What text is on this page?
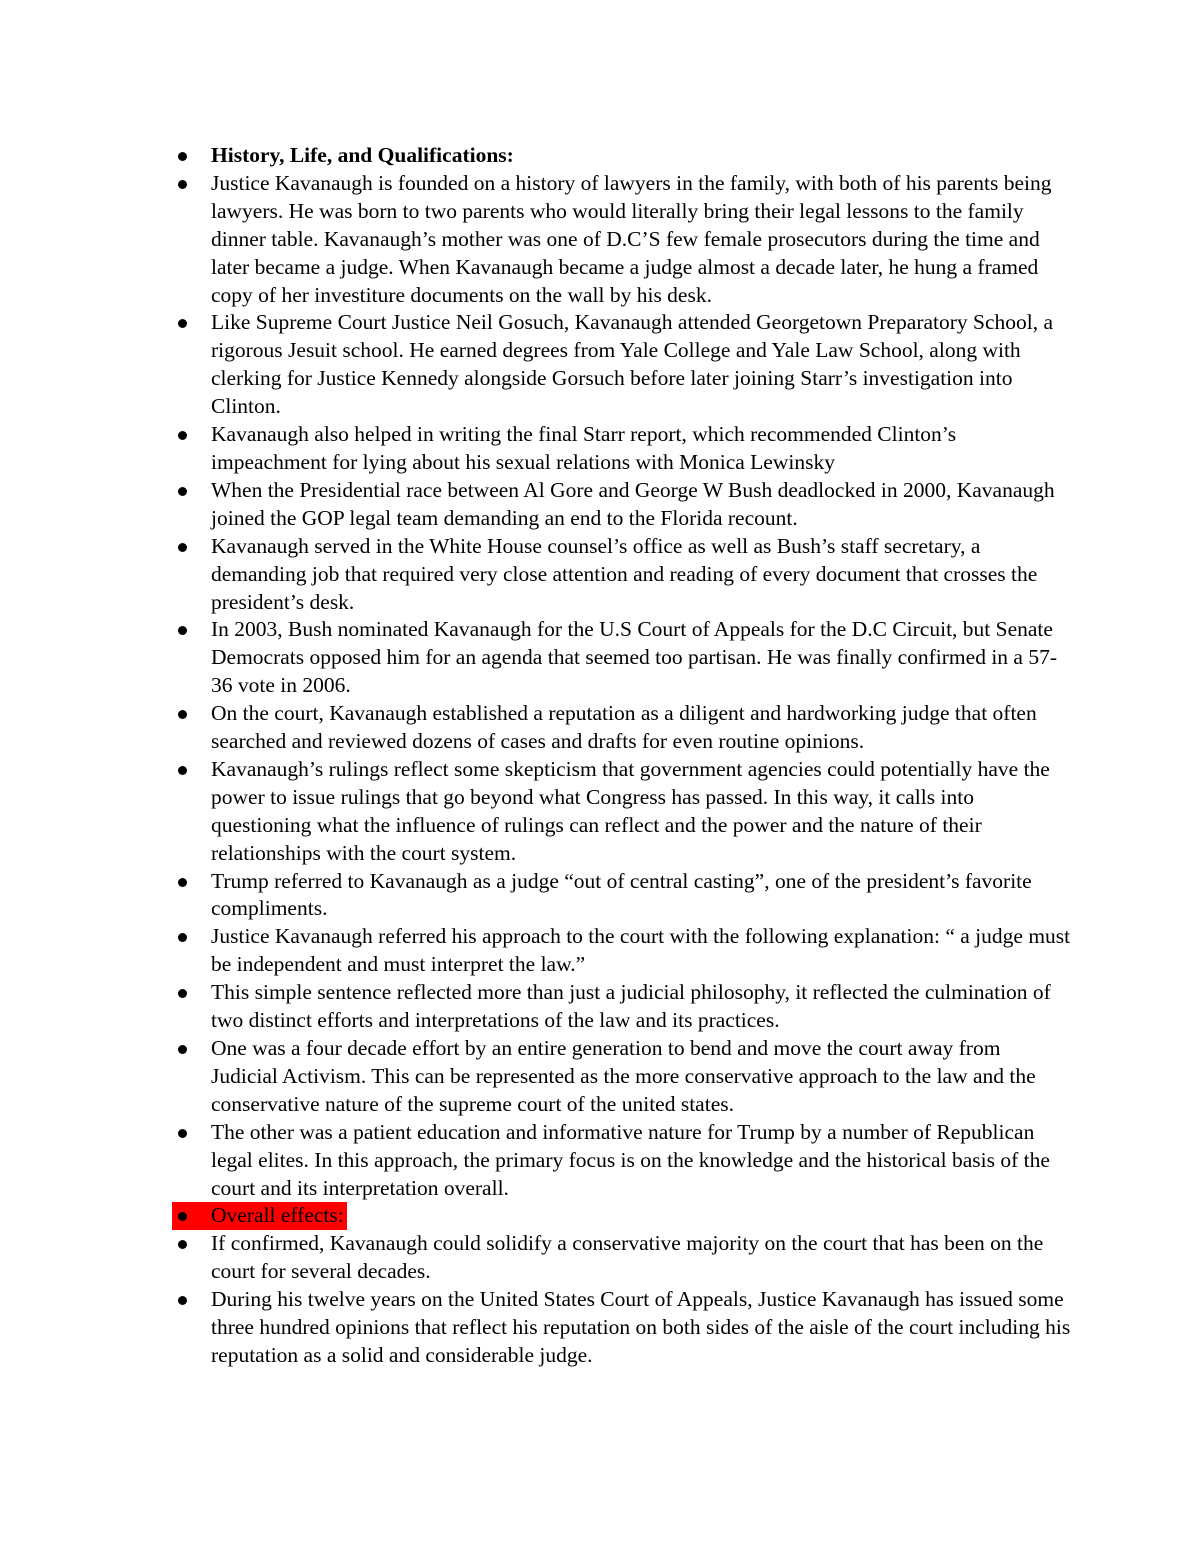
History, Life, and Qualifications:
Justice Kavanaugh is founded on a history of lawyers in the family, with both of his parents being lawyers. He was born to two parents who would literally bring their legal lessons to the family dinner table. Kavanaugh’s mother was one of D.C’S few female prosecutors during the time and later became a judge. When Kavanaugh became a judge almost a decade later, he hung a framed copy of her investiture documents on the wall by his desk.
Like Supreme Court Justice Neil Gosuch, Kavanaugh attended Georgetown Preparatory School, a rigorous Jesuit school. He earned degrees from Yale College and Yale Law School, along with clerking for Justice Kennedy alongside Gorsuch before later joining Starr’s investigation into Clinton.
Kavanaugh also helped in writing the final Starr report, which recommended Clinton’s impeachment for lying about his sexual relations with Monica Lewinsky
When the Presidential race between Al Gore and George W Bush deadlocked in 2000, Kavanaugh joined the GOP legal team demanding an end to the Florida recount.
Kavanaugh served in the White House counsel’s office as well as Bush’s staff secretary, a demanding job that required very close attention and reading of every document that crosses the president’s desk.
In 2003, Bush nominated Kavanaugh for the U.S Court of Appeals for the D.C Circuit, but Senate Democrats opposed him for an agenda that seemed too partisan. He was finally confirmed in a 57-36 vote in 2006.
On the court, Kavanaugh established a reputation as a diligent and hardworking judge that often searched and reviewed dozens of cases and drafts for even routine opinions.
Kavanaugh’s rulings reflect some skepticism that government agencies could potentially have the power to issue rulings that go beyond what Congress has passed. In this way, it calls into questioning what the influence of rulings can reflect and the power and the nature of their relationships with the court system.
Trump referred to Kavanaugh as a judge “out of central casting”, one of the president’s favorite compliments.
Justice Kavanaugh referred his approach to the court with the following explanation: “ a judge must be independent and must interpret the law.”
This simple sentence reflected more than just a judicial philosophy, it reflected the culmination of two distinct efforts and interpretations of the law and its practices.
One was a four decade effort by an entire generation to bend and move the court away from Judicial Activism. This can be represented as the more conservative approach to the law and the conservative nature of the supreme court of the united states.
The other was a patient education and informative nature for Trump by a number of Republican legal elites. In this approach, the primary focus is on the knowledge and the historical basis of the court and its interpretation overall.
Overall effects:
If confirmed, Kavanaugh could solidify a conservative majority on the court that has been on the court for several decades.
During his twelve years on the United States Court of Appeals, Justice Kavanaugh has issued some three hundred opinions that reflect his reputation on both sides of the aisle of the court including his reputation as a solid and considerable judge.
